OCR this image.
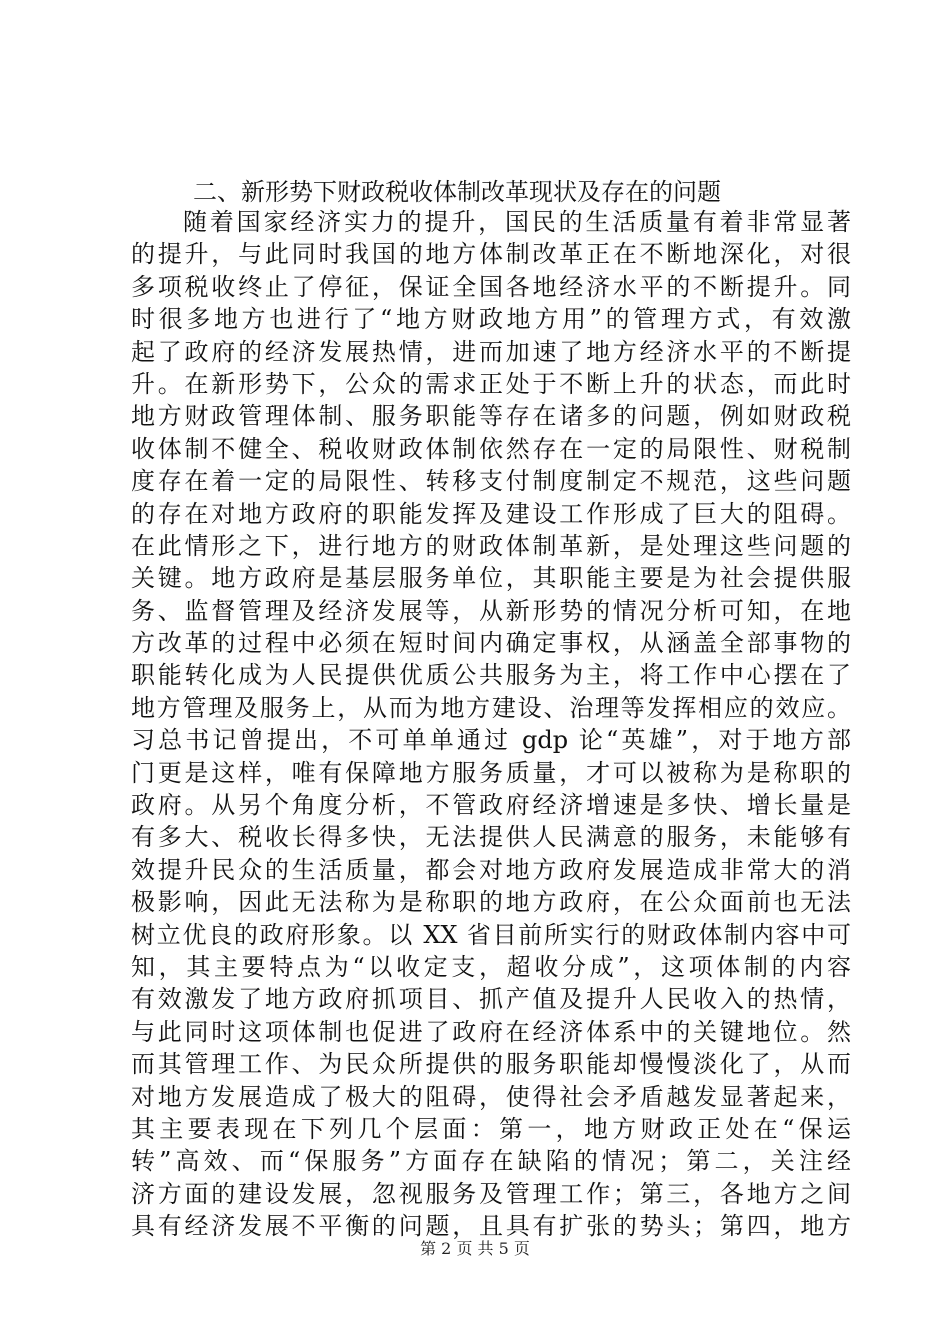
二、新形势下财政税收体制改革现状及存在的问题
随着国家经济实力的提升，国民的生活质量有着非常显著
的提升，与此同时我国的地方体制改革正在不断地深化，对很
多项税收终止了停征，保证全国各地经济水平的不断提升。同
时很多地方也进行了“地方财政地方用”的管理方式，有效激
起了政府的经济发展热情，进而加速了地方经济水平的不断提
升。在新形势下，公众的需求正处于不断上升的状态，而此时
地方财政管理体制、服务职能等存在诸多的问题，例如财政税
收体制不健全、税收财政体制依然存在一定的局限性、财税制
度存在着一定的局限性、转移支付制度制定不规范，这些问题
的存在对地方政府的职能发挥及建设工作形成了巨大的阻碍。
在此情形之下，进行地方的财政体制革新，是处理这些问题的
关键。地方政府是基层服务单位，其职能主要是为社会提供服
务、监督管理及经济发展等，从新形势的情况分析可知，在地
方改革的过程中必须在短时间内确定事权，从涵盖全部事物的
职能转化成为人民提供优质公共服务为主，将工作中心摆在了
地方管理及服务上，从而为地方建设、治理等发挥相应的效应。
习总书记曾提出，不可单单通过 gdp 论“英雄”，对于地方部
门更是这样，唯有保障地方服务质量，才可以被称为是称职的
政府。从另个角度分析，不管政府经济增速是多快、增长量是
有多大、税收长得多快，无法提供人民满意的服务，未能够有
效提升民众的生活质量，都会对地方政府发展造成非常大的消
极影响，因此无法称为是称职的地方政府，在公众面前也无法
树立优良的政府形象。以 XX 省目前所实行的财政体制内容中可
知，其主要特点为“以收定支，超收分成”，这项体制的内容
有效激发了地方政府抓项目、抓产值及提升人民收入的热情，
与此同时这项体制也促进了政府在经济体系中的关键地位。然
而其管理工作、为民众所提供的服务职能却慢慢淡化了，从而
对地方发展造成了极大的阻碍，使得社会矛盾越发显著起来，
其主要表现在下列几个层面：第一，地方财政正处在“保运
转”高效、而“保服务”方面存在缺陷的情况；第二，关注经
济方面的建设发展，忽视服务及管理工作；第三，各地方之间
具有经济发展不平衡的问题，且具有扩张的势头；第四，地方
第 2 页 共 5 页
